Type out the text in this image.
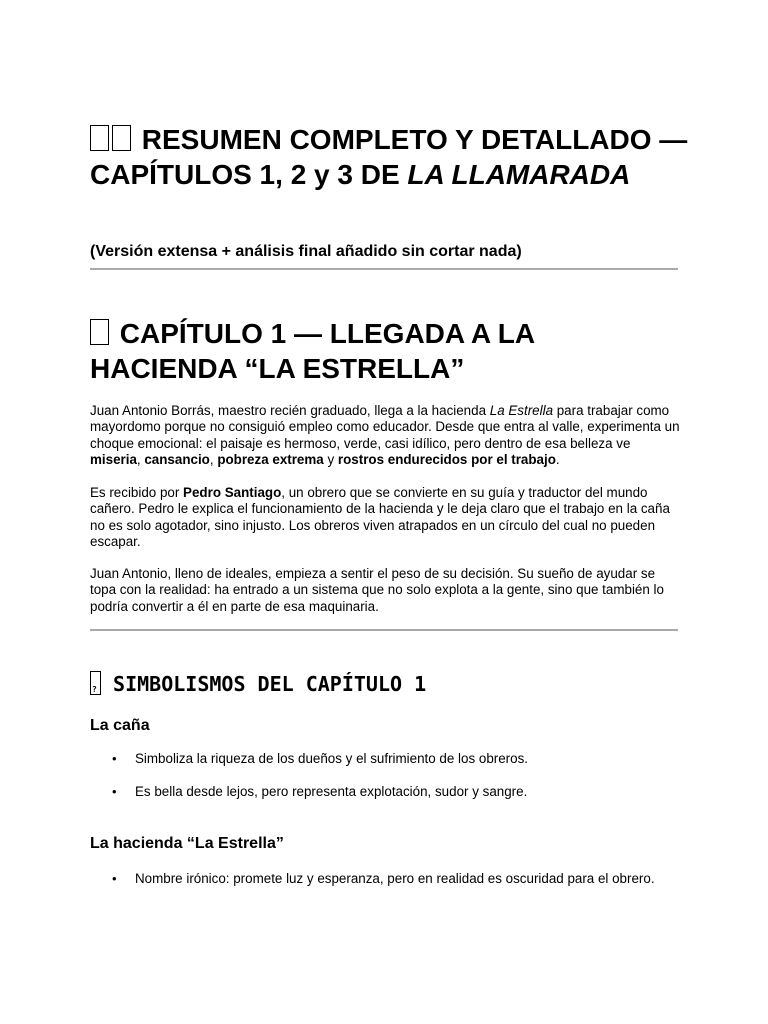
RESUMEN COMPLETO Y DETALLADO — CAPÍTULOS 1, 2 y 3 DE LA LLAMARADA

(Versión extensa + análisis final añadido sin cortar nada)

CAPÍTULO 1 — LLEGADA A LA HACIENDA “LA ESTRELLA”

Juan Antonio Borrás, maestro recién graduado, llega a la hacienda La Estrella para trabajar como mayordomo porque no consiguió empleo como educador. Desde que entra al valle, experimenta un choque emocional: el paisaje es hermoso, verde, casi idílico, pero dentro de esa belleza ve miseria, cansancio, pobreza extrema y rostros endurecidos por el trabajo.

Es recibido por Pedro Santiago, un obrero que se convierte en su guía y traductor del mundo cañero. Pedro le explica el funcionamiento de la hacienda y le deja claro que el trabajo en la caña no es solo agotador, sino injusto. Los obreros viven atrapados en un círculo del cual no pueden escapar.

Juan Antonio, lleno de ideales, empieza a sentir el peso de su decisión. Su sueño de ayudar se topa con la realidad: ha entrado a un sistema que no solo explota a la gente, sino que también lo podría convertir a él en parte de esa maquinaria.

? SIMBOLISMOS DEL CAPÍTULO 1
La caña
• Simboliza la riqueza de los dueños y el sufrimiento de los obreros.
• Es bella desde lejos, pero representa explotación, sudor y sangre.
La hacienda “La Estrella”
• Nombre irónico: promete luz y esperanza, pero en realidad es oscuridad para el obrero.
